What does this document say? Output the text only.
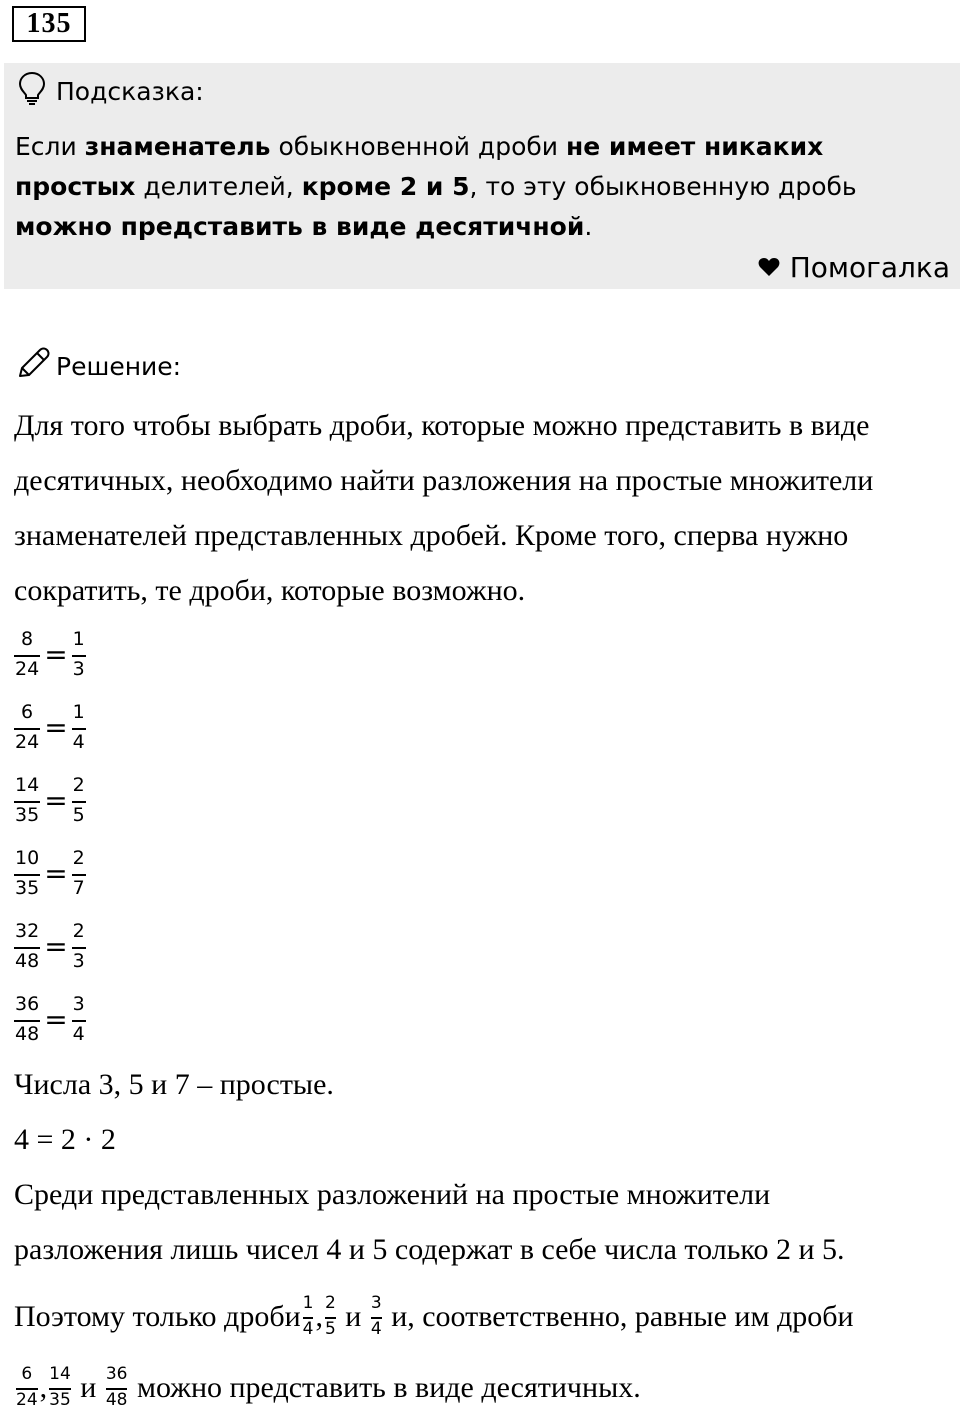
135
Подсказка:
Если знаменатель обыкновенной дроби не имеет никаких простых делителей, кроме 2 и 5, то эту обыкновенную дробь можно представить в виде десятичной.
Помогалка
Решение:
Для того чтобы выбрать дроби, которые можно представить в виде
десятичных, необходимо найти разложения на простые множители
знаменателей представленных дробей. Кроме того, сперва нужно
сократить, те дроби, которые возможно.
$\frac{8}{24} = \frac{1}{3}$
$\frac{6}{24} = \frac{1}{4}$
$\frac{14}{35} = \frac{2}{5}$
$\frac{10}{35} = \frac{2}{7}$
$\frac{32}{48} = \frac{2}{3}$
$\frac{36}{48} = \frac{3}{4}$
Числа 3, 5 и 7 – простые.
4 = 2 · 2
Среди представленных разложений на простые множители
разложения лишь чисел 4 и 5 содержат в себе числа только 2 и 5.
Поэтому только дроби $\frac{1}{4}$ , $\frac{2}{5}$ и $\frac{3}{4} и$, соответственно, равные им дроби
$\frac{6}{24}$ , $\frac{14}{35}$ и $\frac{36}{48}$ можно представить в виде десятичных.
